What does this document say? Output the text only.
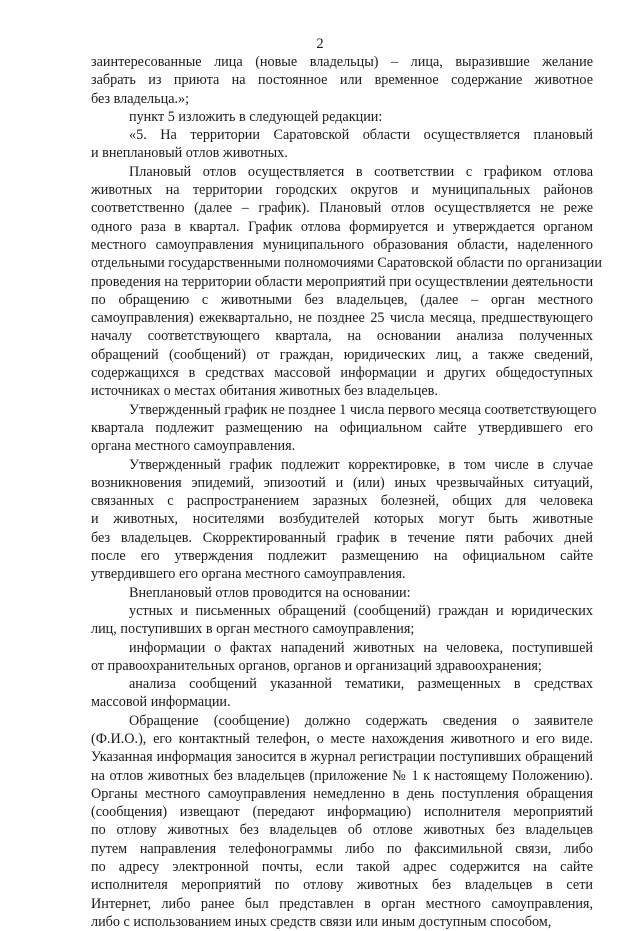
2
заинтересованные лица (новые владельцы) – лица, выразившие желание
забрать из приюта на постоянное или временное содержание животное
без владельца.»;
пункт 5 изложить в следующей редакции:
«5. На территории Саратовской области осуществляется плановый
и внеплановый отлов животных.
Плановый отлов осуществляется в соответствии с графиком отлова
животных на территории городских округов и муниципальных районов
соответственно (далее – график). Плановый отлов осуществляется не реже
одного раза в квартал. График отлова формируется и утверждается органом
местного самоуправления муниципального образования области, наделенного
отдельными государственными полномочиями Саратовской области по организации
проведения на территории области мероприятий при осуществлении деятельности
по обращению с животными без владельцев, (далее – орган местного
самоуправления) ежеквартально, не позднее 25 числа месяца, предшествующего
началу соответствующего квартала, на основании анализа полученных
обращений (сообщений) от граждан, юридических лиц, а также сведений,
содержащихся в средствах массовой информации и других общедоступных
источниках о местах обитания животных без владельцев.
Утвержденный график не позднее 1 числа первого месяца соответствующего
квартала подлежит размещению на официальном сайте утвердившего его
органа местного самоуправления.
Утвержденный график подлежит корректировке, в том числе в случае
возникновения эпидемий, эпизоотий и (или) иных чрезвычайных ситуаций,
связанных с распространением заразных болезней, общих для человека
и животных, носителями возбудителей которых могут быть животные
без владельцев. Скорректированный график в течение пяти рабочих дней
после его утверждения подлежит размещению на официальном сайте
утвердившего его органа местного самоуправления.
Внеплановый отлов проводится на основании:
устных и письменных обращений (сообщений) граждан и юридических
лиц, поступивших в орган местного самоуправления;
информации о фактах нападений животных на человека, поступившей
от правоохранительных органов, органов и организаций здравоохранения;
анализа сообщений указанной тематики, размещенных в средствах
массовой информации.
Обращение (сообщение) должно содержать сведения о заявителе
(Ф.И.О.), его контактный телефон, о месте нахождения животного и его виде.
Указанная информация заносится в журнал регистрации поступивших обращений
на отлов животных без владельцев (приложение № 1 к настоящему Положению).
Органы местного самоуправления немедленно в день поступления обращения
(сообщения) извещают (передают информацию) исполнителя мероприятий
по отлову животных без владельцев об отлове животных без владельцев
путем направления телефонограммы либо по факсимильной связи, либо
по адресу электронной почты, если такой адрес содержится на сайте
исполнителя мероприятий по отлову животных без владельцев в сети
Интернет, либо ранее был представлен в орган местного самоуправления,
либо с использованием иных средств связи или иным доступным способом,
